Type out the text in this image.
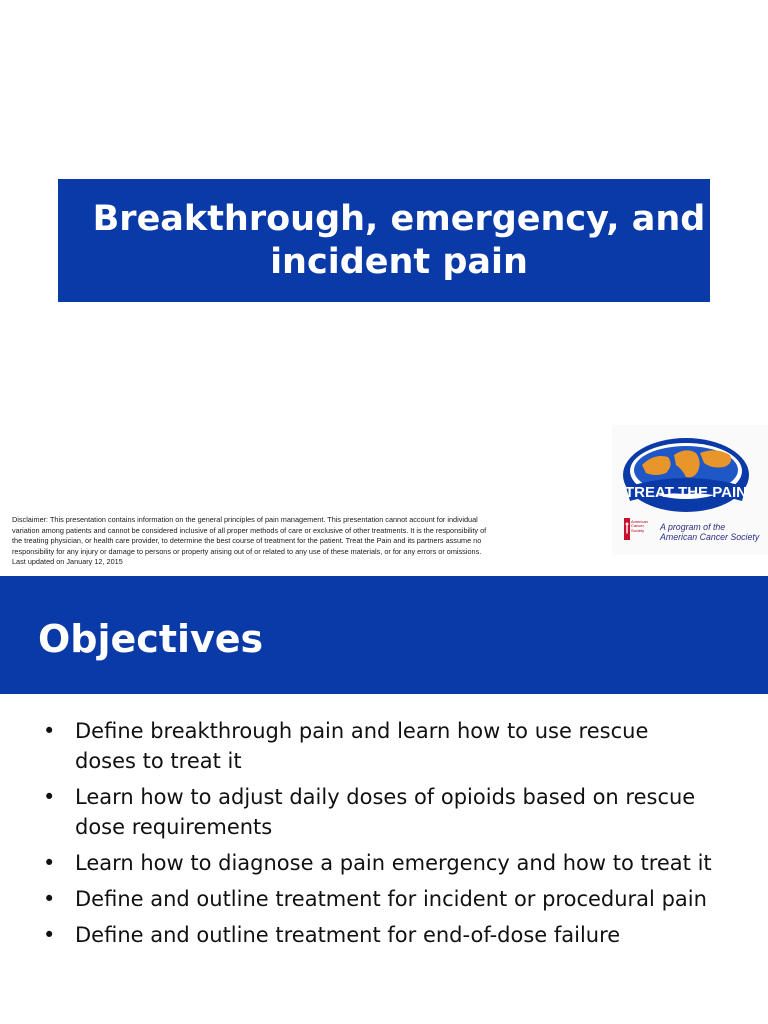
Breakthrough, emergency, and incident pain
Disclaimer: This presentation contains information on the general principles of pain management. This presentation cannot account for individual variation among patients and cannot be considered inclusive of all proper methods of care or exclusive of other treatments. It is the responsibility of the treating physician, or health care provider, to determine the best course of treatment for the patient. Treat the Pain and its partners assume no responsibility for any injury or damage to persons or property arising out of or related to any use of these materials, or for any errors or omissions. Last updated on January 12, 2015
TREAT THE PAIN
American Cancer Society	A program of the
American Cancer Society
Objectives
• Define breakthrough pain and learn how to use rescue doses to treat it
• Learn how to adjust daily doses of opioids based on rescue dose requirements
• Learn how to diagnose a pain emergency and how to treat it
• Define and outline treatment for incident or procedural pain
• Define and outline treatment for end-of-dose failure
